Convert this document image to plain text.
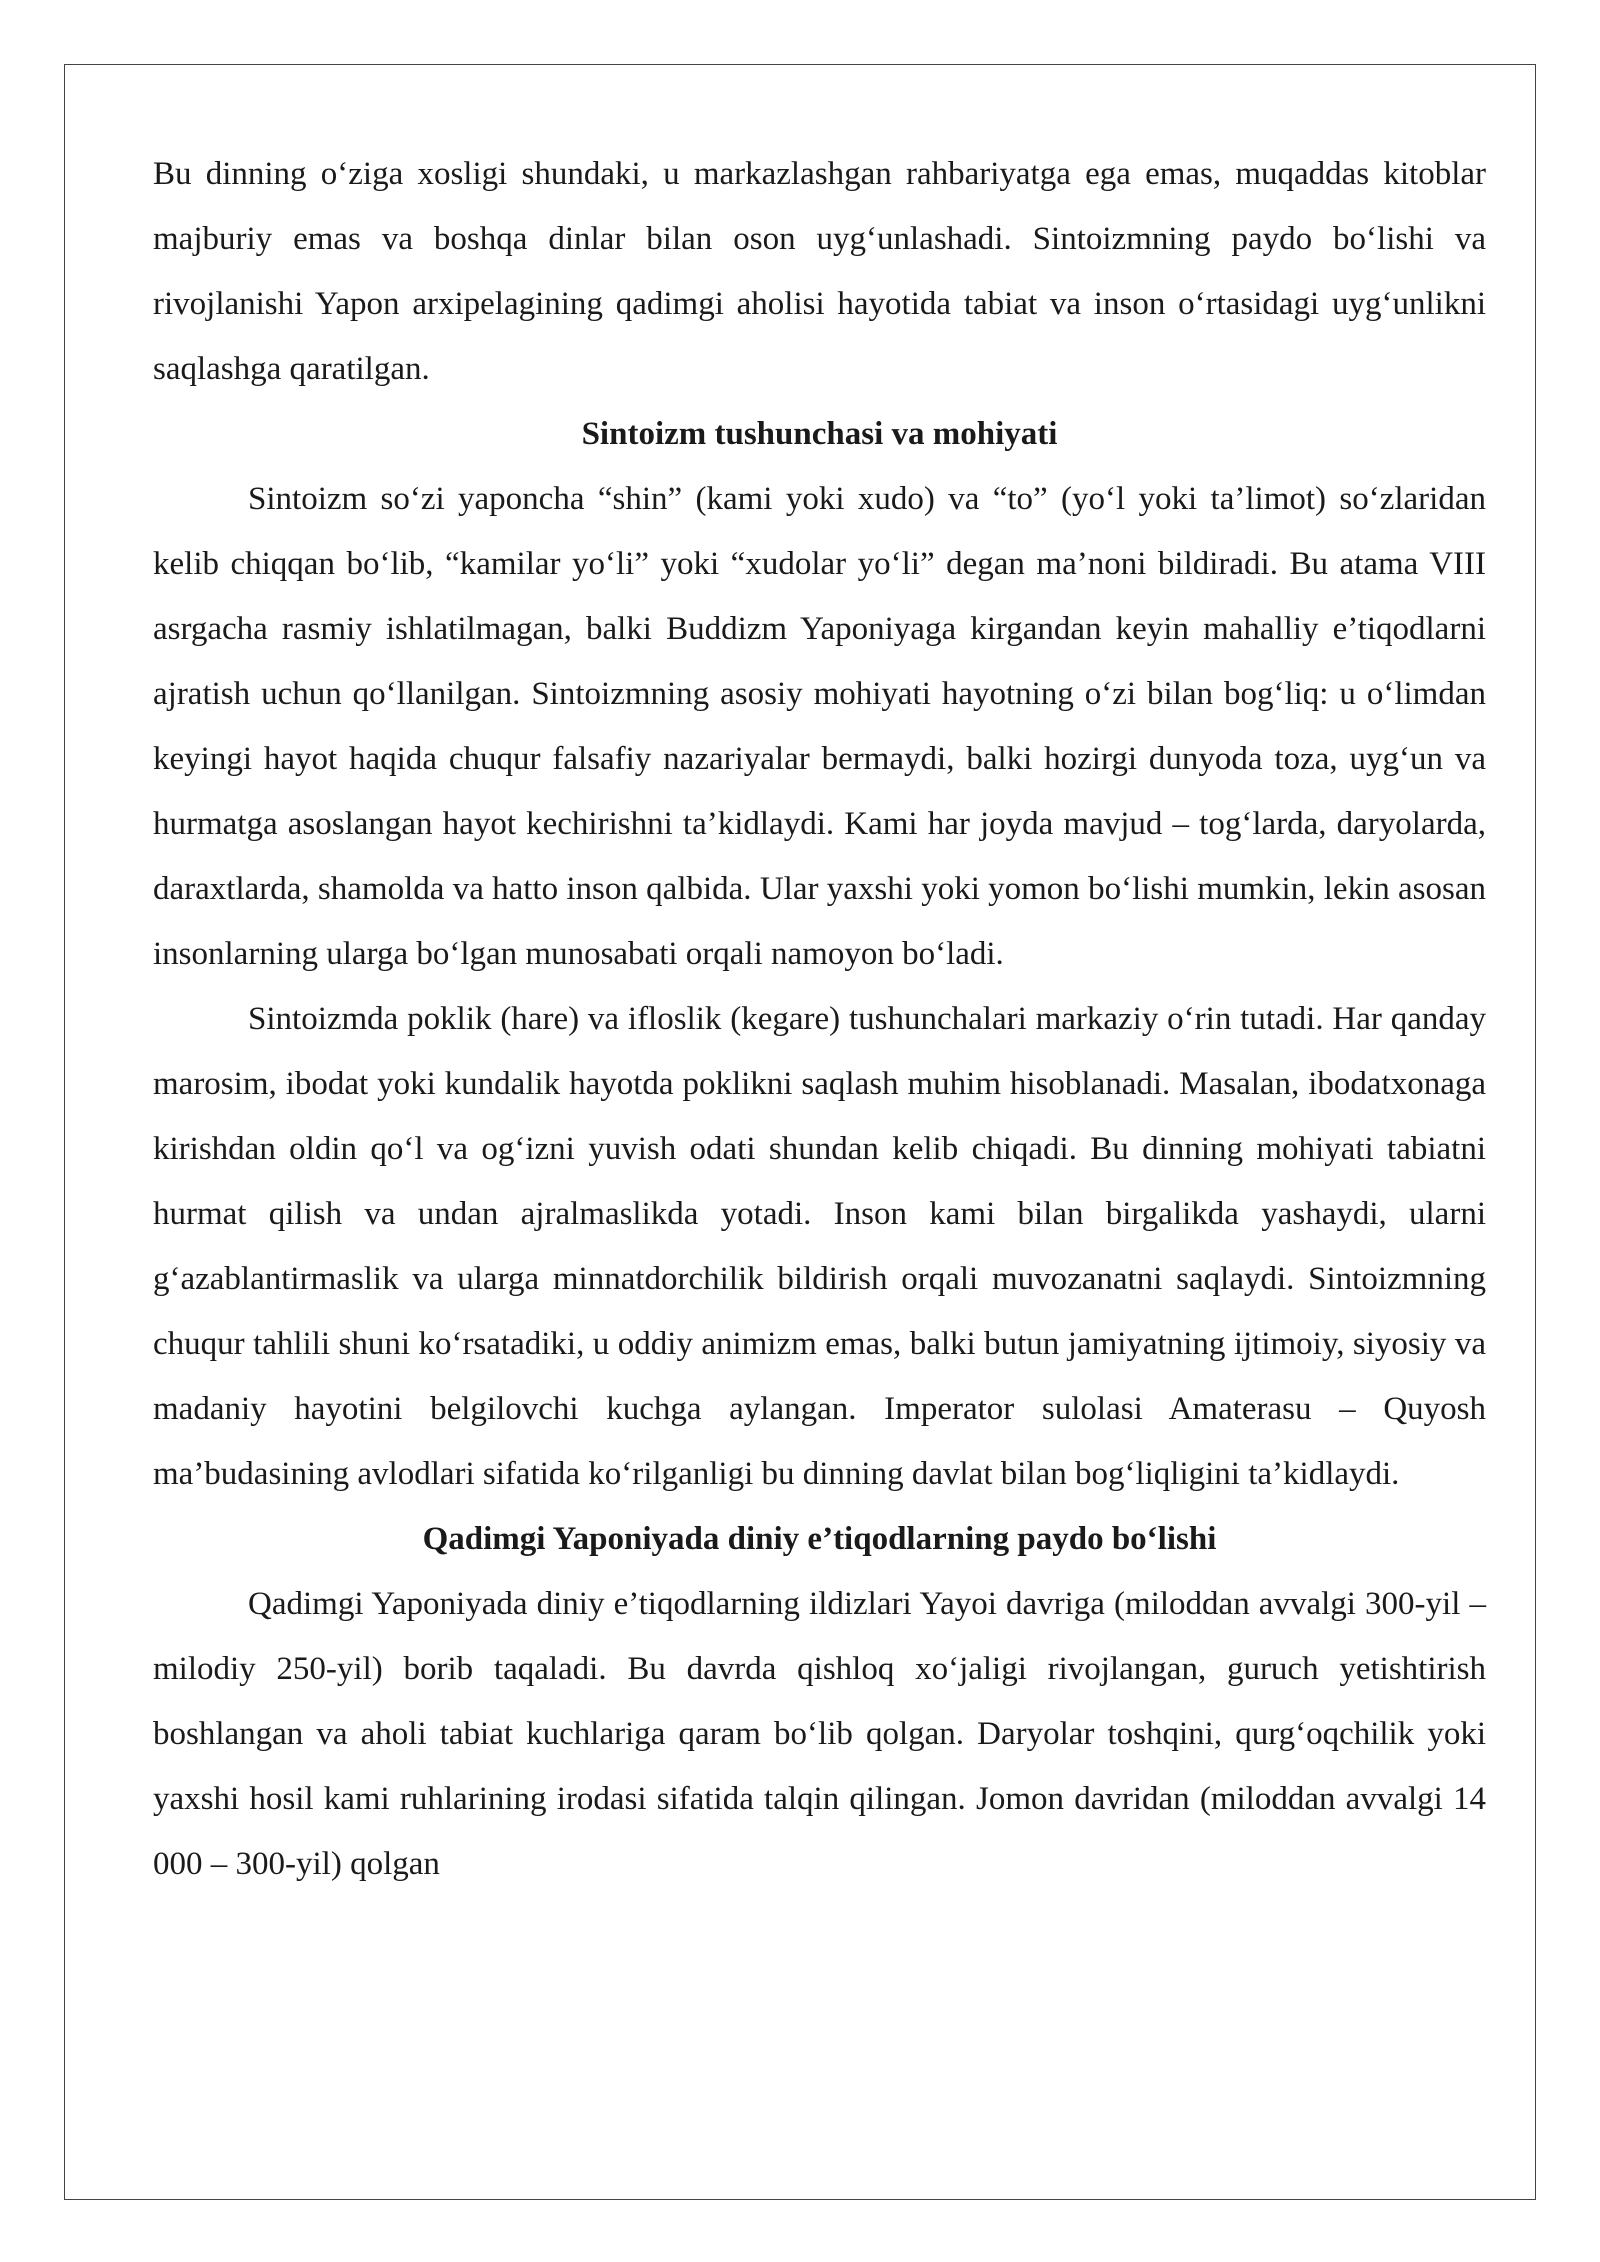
Bu dinning o‘ziga xosligi shundaki, u markazlashgan rahbariyatga ega emas, muqaddas kitoblar majburiy emas va boshqa dinlar bilan oson uyg‘unlashadi. Sintoizmning paydo bo‘lishi va rivojlanishi Yapon arxipelagining qadimgi aholisi hayotida tabiat va inson o‘rtasidagi uyg‘unlikni saqlashga qaratilgan.

Sintoizm tushunchasi va mohiyati

Sintoizm so‘zi yaponcha “shin” (kami yoki xudo) va “to” (yo‘l yoki ta’limot) so‘zlaridan kelib chiqqan bo‘lib, “kamilar yo‘li” yoki “xudolar yo‘li” degan ma’noni bildiradi. Bu atama VIII asrgacha rasmiy ishlatilmagan, balki Buddizm Yaponiyaga kirgandan keyin mahalliy e’tiqodlarni ajratish uchun qo‘llanilgan. Sintoizmning asosiy mohiyati hayotning o‘zi bilan bog‘liq: u o‘limdan keyingi hayot haqida chuqur falsafiy nazariyalar bermaydi, balki hozirgi dunyoda toza, uyg‘un va hurmatga asoslangan hayot kechirishni ta’kidlaydi. Kami har joyda mavjud – tog‘larda, daryolarda, daraxtlarda, shamolda va hatto inson qalbida. Ular yaxshi yoki yomon bo‘lishi mumkin, lekin asosan insonlarning ularga bo‘lgan munosabati orqali namoyon bo‘ladi.

Sintoizmda poklik (hare) va ifloslik (kegare) tushunchalari markaziy o‘rin tutadi. Har qanday marosim, ibodat yoki kundalik hayotda poklikni saqlash muhim hisoblanadi. Masalan, ibodatxonaga kirishdan oldin qo‘l va og‘izni yuvish odati shundan kelib chiqadi. Bu dinning mohiyati tabiatni hurmat qilish va undan ajralmaslikda yotadi. Inson kami bilan birgalikda yashaydi, ularni g‘azablantirmaslik va ularga minnatdorchilik bildirish orqali muvozanatni saqlaydi. Sintoizmning chuqur tahlili shuni ko‘rsatadiki, u oddiy animizm emas, balki butun jamiyatning ijtimoiy, siyosiy va madaniy hayotini belgilovchi kuchga aylangan. Imperator sulolasi Amaterasu – Quyosh ma’budasining avlodlari sifatida ko‘rilganligi bu dinning davlat bilan bog‘liqligini ta’kidlaydi.

Qadimgi Yaponiyada diniy e’tiqodlarning paydo bo‘lishi

Qadimgi Yaponiyada diniy e’tiqodlarning ildizlari Yayoi davriga (miloddan avvalgi 300-yil – milodiy 250-yil) borib taqaladi. Bu davrda qishloq xo‘jaligi rivojlangan, guruch yetishtirish boshlangan va aholi tabiat kuchlariga qaram bo‘lib qolgan. Daryolar toshqini, qurg‘oqchilik yoki yaxshi hosil kami ruhlarining irodasi sifatida talqin qilingan. Jomon davridan (miloddan avvalgi 14 000 – 300-yil) qolgan
